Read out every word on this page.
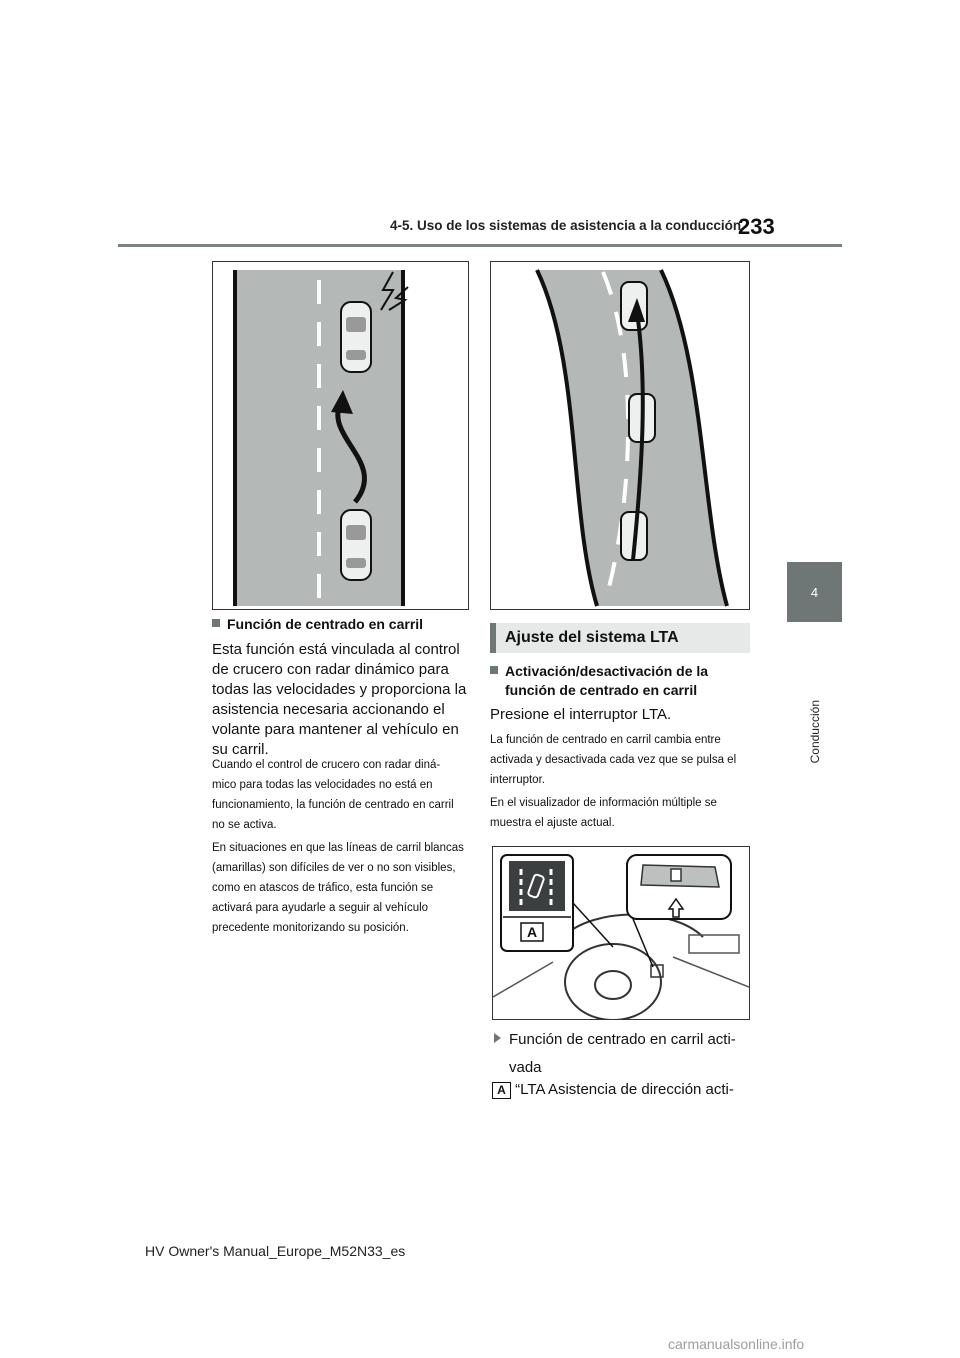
4-5. Uso de los sistemas de asistencia a la conducción
233
4
Conducción
Función de centrado en carril
Esta función está vinculada al control de crucero con radar dinámico para todas las velocidades y proporciona la asistencia necesaria accionando el volante para mantener al vehículo en su carril.
Cuando el control de crucero con radar diná- mico para todas las velocidades no está en funcionamiento, la función de centrado en carril no se activa.
En situaciones en que las líneas de carril blancas (amarillas) son difíciles de ver o no son visibles, como en atascos de tráfico, esta función se activará para ayudarle a seguir al vehículo precedente monitorizando su posición.
Ajuste del sistema LTA
Activación/desactivación de la
función de centrado en carril
Presione el interruptor LTA.
La función de centrado en carril cambia entre activada y desactivada cada vez que se pulsa el interruptor.
En el visualizador de información múltiple se muestra el ajuste actual.
A
Función de centrado en carril acti-
vada
A “LTA Asistencia de dirección acti-
HV Owner's Manual_Europe_M52N33_es
carmanualsonline.info
